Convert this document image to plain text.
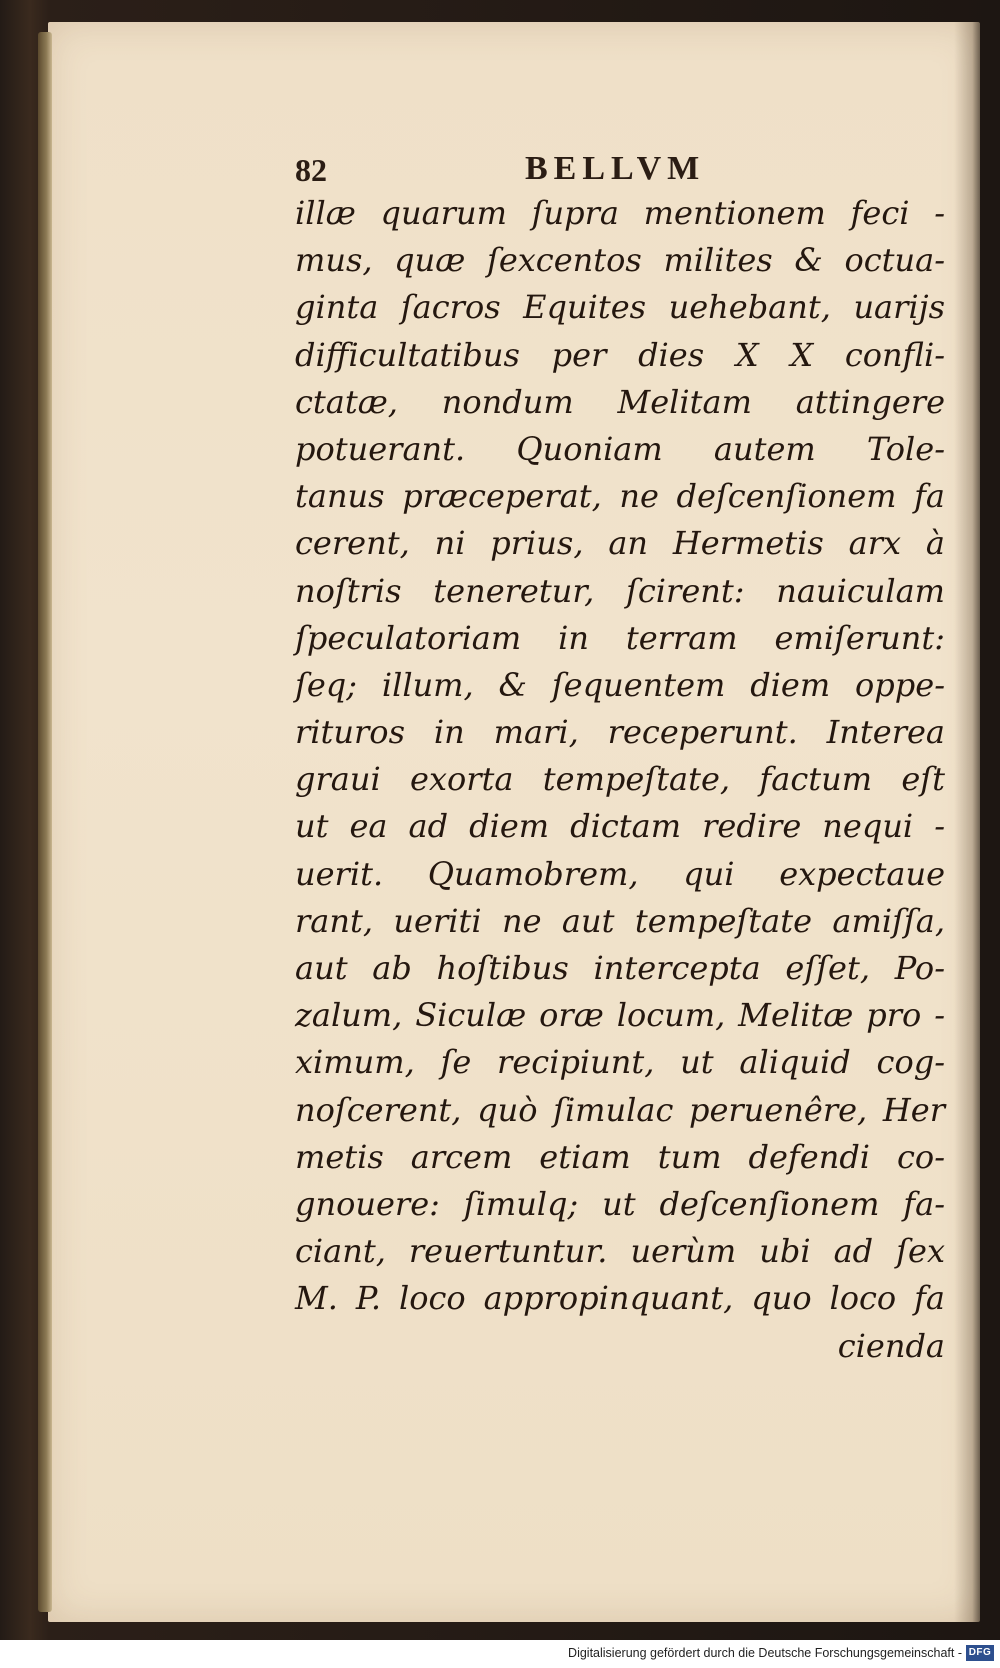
82	BELLVM
illæ quarum ſupra mentionem feci -
mus, quæ ſexcentos milites & octua-
ginta ſacros Equites uehebant, uarijs
difficultatibus per dies X X confli-
ctatæ, nondum Melitam attingere
potuerant. Quoniam autem Tole-
tanus præceperat, ne deſcenſionem fa
cerent, ni prius, an Hermetis arx à
noſtris teneretur, ſcirent: nauiculam
ſpeculatoriam in terram emiſerunt:
ſeq; illum, & ſequentem diem oppe-
rituros in mari, receperunt. Interea
graui exorta tempeſtate, factum eſt
ut ea ad diem dictam redire nequi -
uerit. Quamobrem, qui expectaue
rant, ueriti ne aut tempeſtate amiſſa,
aut ab hoſtibus intercepta eſſet, Po-
zalum, Siculæ oræ locum, Melitæ pro -
ximum, ſe recipiunt, ut aliquid cog-
noſcerent, quò ſimulac peruenêre, Her
metis arcem etiam tum defendi co-
gnouere: ſimulq; ut deſcenſionem fa-
ciant, reuertuntur. uerùm ubi ad ſex
M. P. loco appropinquant, quo loco fa
cienda
Digitalisierung gefördert durch die Deutsche Forschungsgemeinschaft - DFG
